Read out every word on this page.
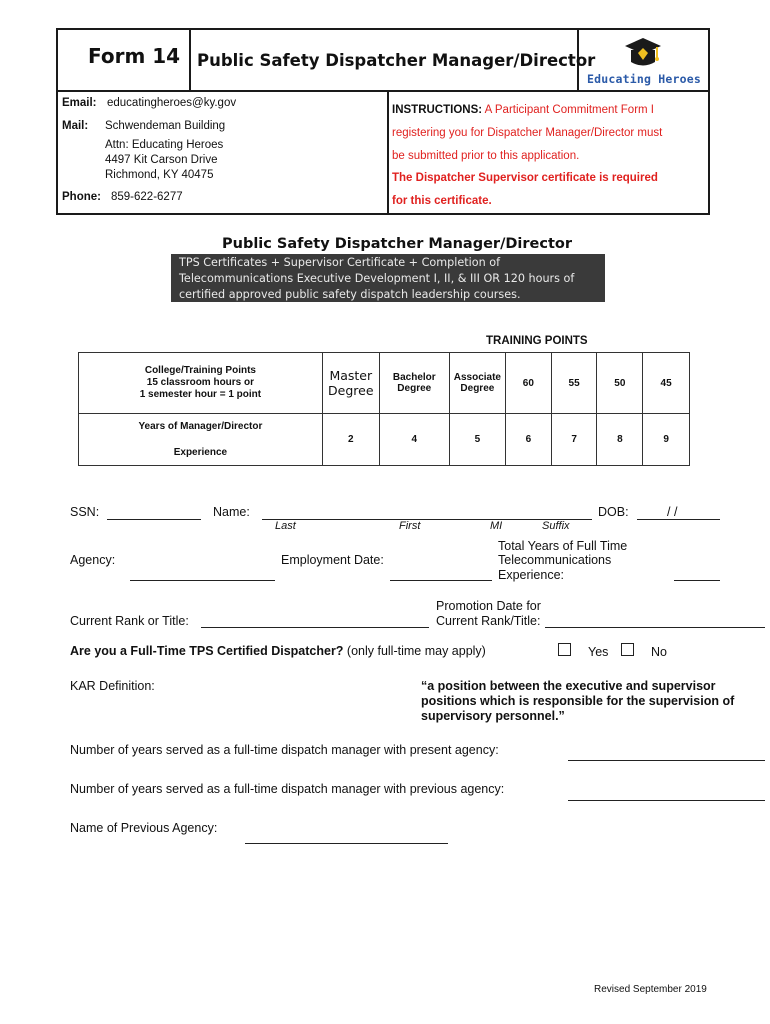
Form 14	Public Safety Dispatcher Manager/Director
Educating Heroes
Email: educatingheroes@ky.gov
Mail: Schwendeman Building
Attn: Educating Heroes
4497 Kit Carson Drive
Richmond, KY 40475
Phone: 859-622-6277
INSTRUCTIONS: A Participant Commitment Form I
registering you for Dispatcher Manager/Director must
be submitted prior to this application.
The Dispatcher Supervisor certificate is required
for this certificate.
Public Safety Dispatcher Manager/Director
TPS Certificates + Supervisor Certificate + Completion of
Telecommunications Executive Development I, II, & III OR 120 hours of
certified approved public safety dispatch leadership courses.
TRAINING POINTS
College/Training Points
15 classroom hours or
1 semester hour = 1 point	Master Degree	Bachelor Degree	Associate Degree	60	55	50	45

Years of Manager/Director
Experience	2	4	5	6	7	8	9
SSN:	Name:	DOB:	/ /
Last	First	MI	Suffix
Agency:	Employment Date:
Total Years of Full Time
Telecommunications
Experience:
Current Rank or Title:
Promotion Date for
Current Rank/Title:
Are you a Full-Time TPS Certified Dispatcher? (only full-time may apply)	Yes	No
KAR Definition:	“a position between the executive and supervisor
positions which is responsible for the supervision of
supervisory personnel.”
Number of years served as a full-time dispatch manager with present agency:
Number of years served as a full-time dispatch manager with previous agency:
Name of Previous Agency:
Revised September 2019
